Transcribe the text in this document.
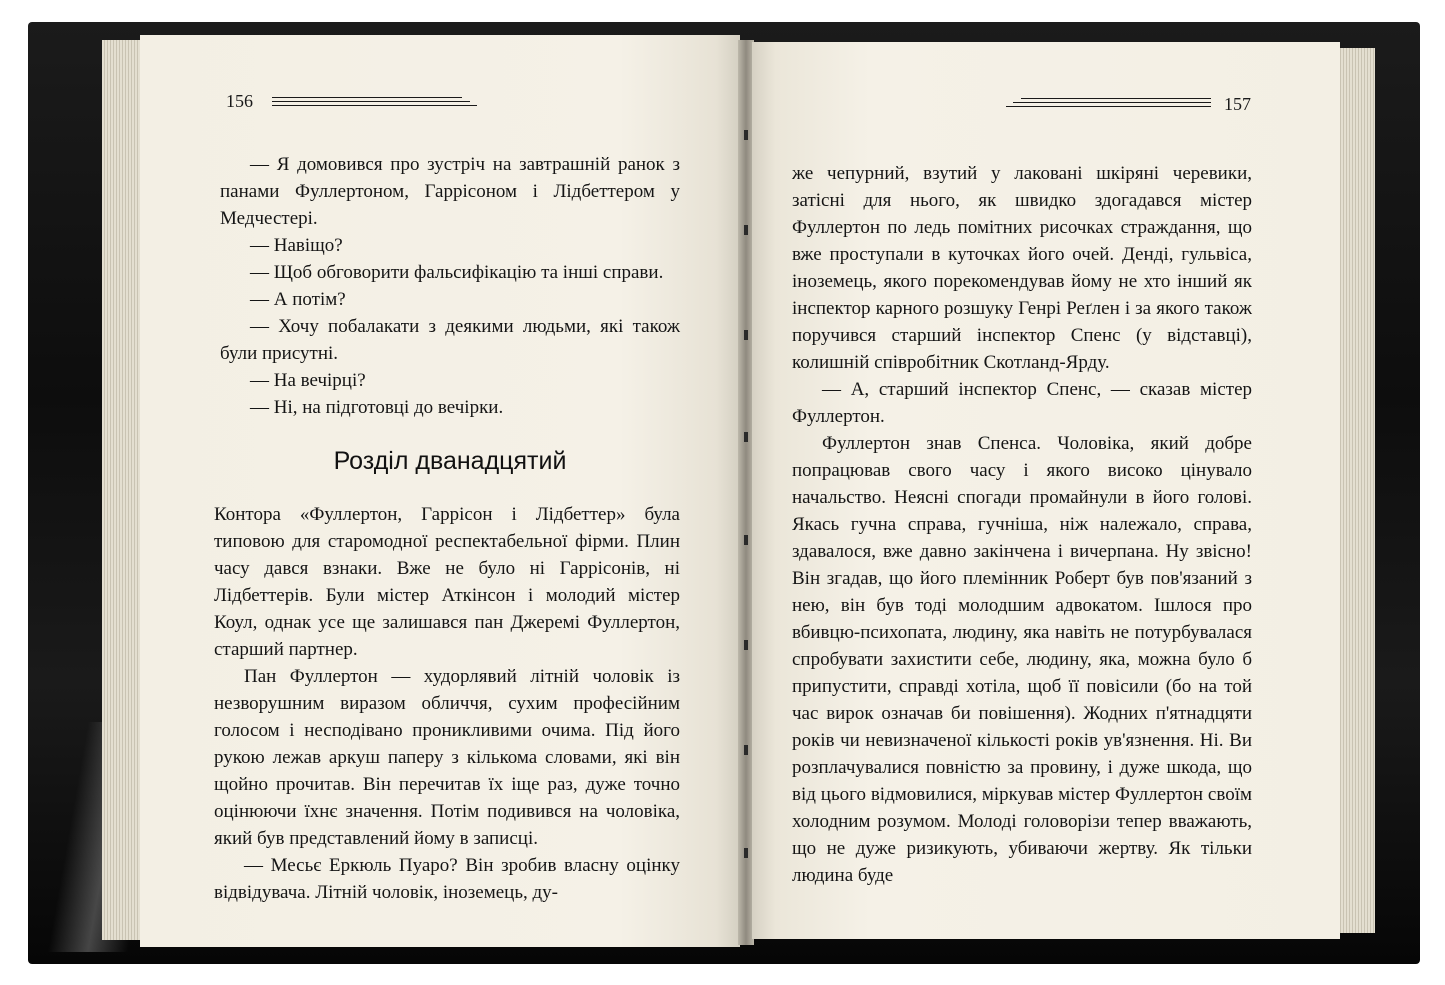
156

— Я домовився про зустріч на завтрашній ранок з панами Фуллертоном, Гаррісоном і Лідбеттером у Медчестері.

— Навіщо?

— Щоб обговорити фальсифікацію та інші справи.

— А потім?

— Хочу побалакати з деякими людьми, які також були присутні.

— На вечірці?

— Ні, на підготовці до вечірки.

Розділ дванадцятий

Контора «Фуллертон, Гаррісон і Лідбеттер» була типовою для старомодної респектабельної фірми. Плин часу дався взнаки. Вже не було ні Гаррісонів, ні Лідбеттерів. Були містер Аткінсон і молодий містер Коул, однак усе ще залишався пан Джеремі Фуллертон, старший партнер.

Пан Фуллертон — худорлявий літній чоловік із незворушним виразом обличчя, сухим професійним голосом і несподівано проникливими очима. Під його рукою лежав аркуш паперу з кількома словами, які він щойно прочитав. Він перечитав їх іще раз, дуже точно оцінюючи їхнє значення. Потім подивився на чоловіка, який був представлений йому в записці.

— Месьє Еркюль Пуаро? Він зробив власну оцінку відвідувача. Літній чоловік, іноземець, ду-

157

же чепурний, взутий у лаковані шкіряні черевики, затісні для нього, як швидко здогадався містер Фуллертон по ледь помітних рисочках страждання, що вже проступали в куточках його очей. Денді, гульвіса, іноземець, якого порекомендував йому не хто інший як інспектор карного розшуку Генрі Реґлен і за якого також поручився старший інспектор Спенс (у відставці), колишній співробітник Скотланд-Ярду.

— А, старший інспектор Спенс, — сказав містер Фуллертон.

Фуллертон знав Спенса. Чоловіка, який добре попрацював свого часу і якого високо цінувало начальство. Неясні спогади промайнули в його голові. Якась гучна справа, гучніша, ніж належало, справа, здавалося, вже давно закінчена і вичерпана. Ну звісно! Він згадав, що його племінник Роберт був пов'язаний з нею, він був тоді молодшим адвокатом. Ішлося про вбивцю-психопата, людину, яка навіть не потурбувалася спробувати захистити себе, людину, яка, можна було б припустити, справді хотіла, щоб її повісили (бо на той час вирок означав би повішення). Жодних п'ятнадцяти років чи невизначеної кількості років ув'язнення. Ні. Ви розплачувалися повністю за провину, і дуже шкода, що від цього відмовилися, міркував містер Фуллертон своїм холодним розумом. Молоді головорізи тепер вважають, що не дуже ризикують, убиваючи жертву. Як тільки людина буде
